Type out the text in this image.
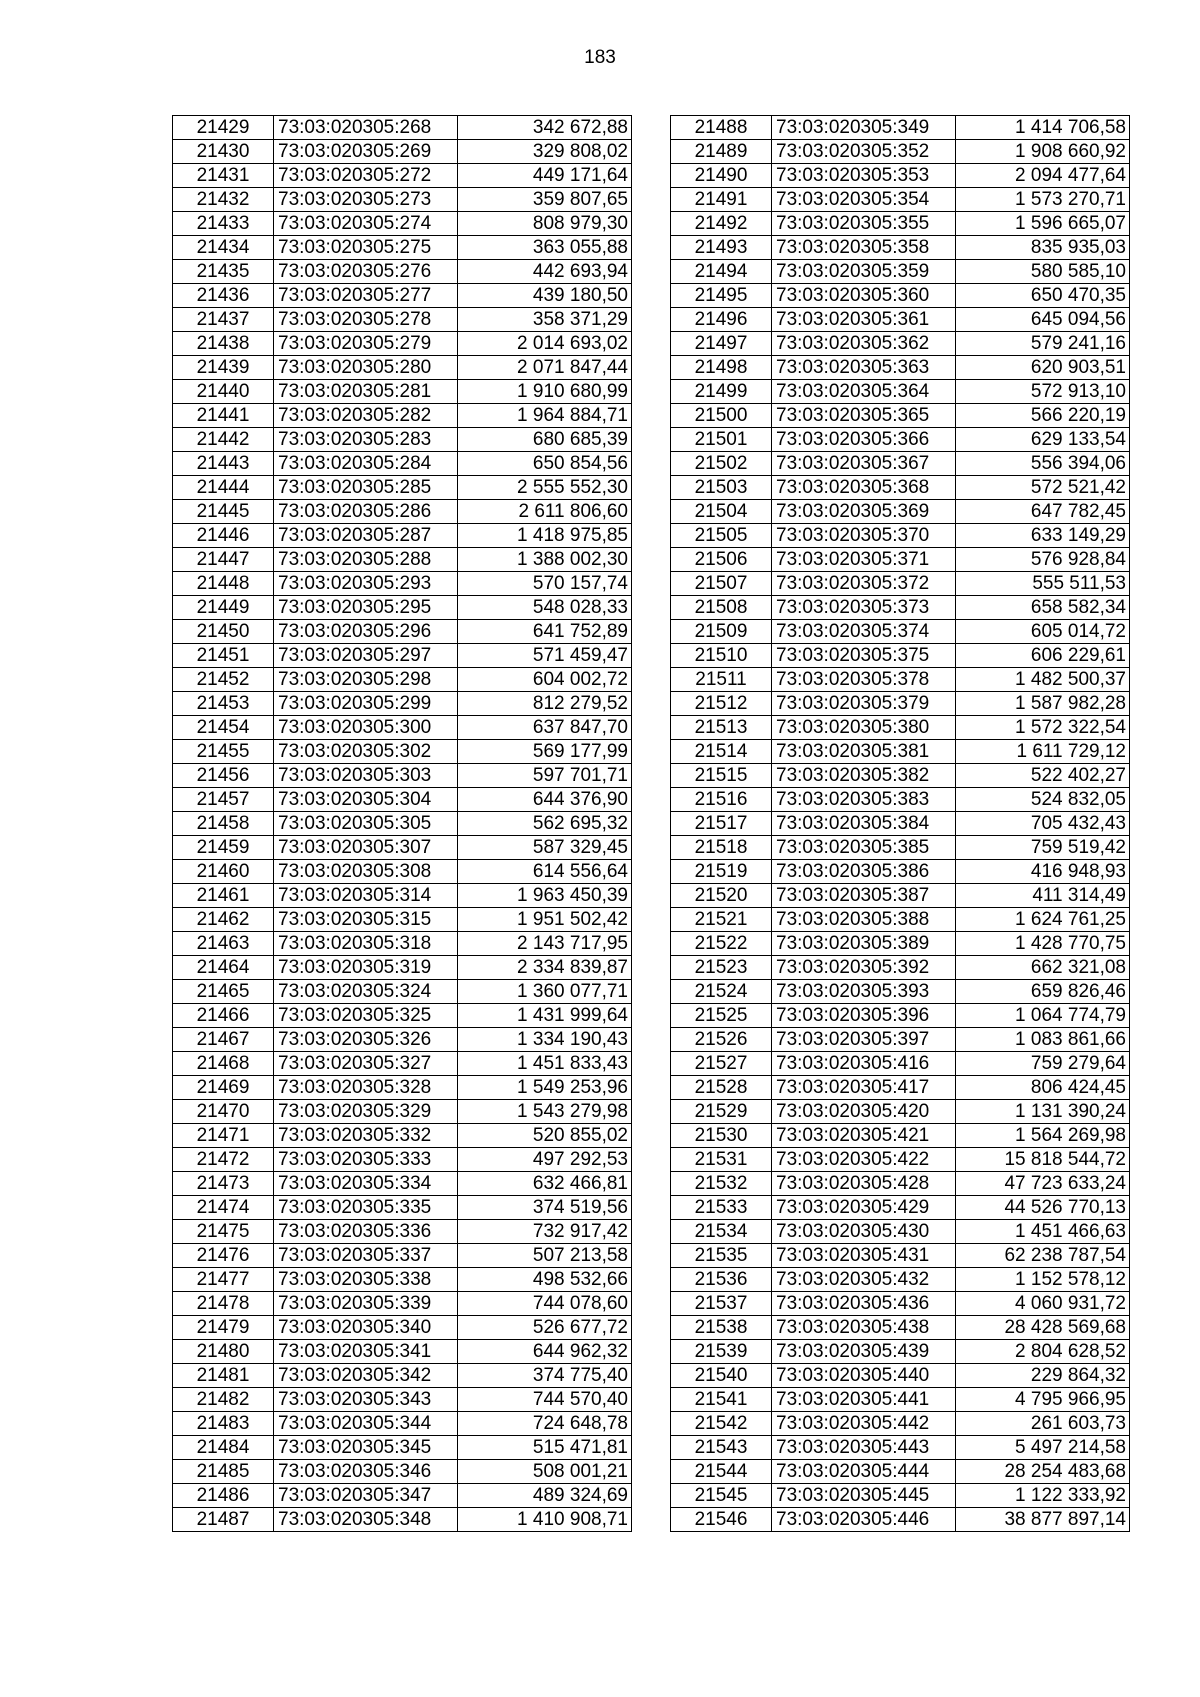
183
21429	73:03:020305:268	342 672,88
21430	73:03:020305:269	329 808,02
21431	73:03:020305:272	449 171,64
21432	73:03:020305:273	359 807,65
21433	73:03:020305:274	808 979,30
21434	73:03:020305:275	363 055,88
21435	73:03:020305:276	442 693,94
21436	73:03:020305:277	439 180,50
21437	73:03:020305:278	358 371,29
21438	73:03:020305:279	2 014 693,02
21439	73:03:020305:280	2 071 847,44
21440	73:03:020305:281	1 910 680,99
21441	73:03:020305:282	1 964 884,71
21442	73:03:020305:283	680 685,39
21443	73:03:020305:284	650 854,56
21444	73:03:020305:285	2 555 552,30
21445	73:03:020305:286	2 611 806,60
21446	73:03:020305:287	1 418 975,85
21447	73:03:020305:288	1 388 002,30
21448	73:03:020305:293	570 157,74
21449	73:03:020305:295	548 028,33
21450	73:03:020305:296	641 752,89
21451	73:03:020305:297	571 459,47
21452	73:03:020305:298	604 002,72
21453	73:03:020305:299	812 279,52
21454	73:03:020305:300	637 847,70
21455	73:03:020305:302	569 177,99
21456	73:03:020305:303	597 701,71
21457	73:03:020305:304	644 376,90
21458	73:03:020305:305	562 695,32
21459	73:03:020305:307	587 329,45
21460	73:03:020305:308	614 556,64
21461	73:03:020305:314	1 963 450,39
21462	73:03:020305:315	1 951 502,42
21463	73:03:020305:318	2 143 717,95
21464	73:03:020305:319	2 334 839,87
21465	73:03:020305:324	1 360 077,71
21466	73:03:020305:325	1 431 999,64
21467	73:03:020305:326	1 334 190,43
21468	73:03:020305:327	1 451 833,43
21469	73:03:020305:328	1 549 253,96
21470	73:03:020305:329	1 543 279,98
21471	73:03:020305:332	520 855,02
21472	73:03:020305:333	497 292,53
21473	73:03:020305:334	632 466,81
21474	73:03:020305:335	374 519,56
21475	73:03:020305:336	732 917,42
21476	73:03:020305:337	507 213,58
21477	73:03:020305:338	498 532,66
21478	73:03:020305:339	744 078,60
21479	73:03:020305:340	526 677,72
21480	73:03:020305:341	644 962,32
21481	73:03:020305:342	374 775,40
21482	73:03:020305:343	744 570,40
21483	73:03:020305:344	724 648,78
21484	73:03:020305:345	515 471,81
21485	73:03:020305:346	508 001,21
21486	73:03:020305:347	489 324,69
21487	73:03:020305:348	1 410 908,71
21488	73:03:020305:349	1 414 706,58
21489	73:03:020305:352	1 908 660,92
21490	73:03:020305:353	2 094 477,64
21491	73:03:020305:354	1 573 270,71
21492	73:03:020305:355	1 596 665,07
21493	73:03:020305:358	835 935,03
21494	73:03:020305:359	580 585,10
21495	73:03:020305:360	650 470,35
21496	73:03:020305:361	645 094,56
21497	73:03:020305:362	579 241,16
21498	73:03:020305:363	620 903,51
21499	73:03:020305:364	572 913,10
21500	73:03:020305:365	566 220,19
21501	73:03:020305:366	629 133,54
21502	73:03:020305:367	556 394,06
21503	73:03:020305:368	572 521,42
21504	73:03:020305:369	647 782,45
21505	73:03:020305:370	633 149,29
21506	73:03:020305:371	576 928,84
21507	73:03:020305:372	555 511,53
21508	73:03:020305:373	658 582,34
21509	73:03:020305:374	605 014,72
21510	73:03:020305:375	606 229,61
21511	73:03:020305:378	1 482 500,37
21512	73:03:020305:379	1 587 982,28
21513	73:03:020305:380	1 572 322,54
21514	73:03:020305:381	1 611 729,12
21515	73:03:020305:382	522 402,27
21516	73:03:020305:383	524 832,05
21517	73:03:020305:384	705 432,43
21518	73:03:020305:385	759 519,42
21519	73:03:020305:386	416 948,93
21520	73:03:020305:387	411 314,49
21521	73:03:020305:388	1 624 761,25
21522	73:03:020305:389	1 428 770,75
21523	73:03:020305:392	662 321,08
21524	73:03:020305:393	659 826,46
21525	73:03:020305:396	1 064 774,79
21526	73:03:020305:397	1 083 861,66
21527	73:03:020305:416	759 279,64
21528	73:03:020305:417	806 424,45
21529	73:03:020305:420	1 131 390,24
21530	73:03:020305:421	1 564 269,98
21531	73:03:020305:422	15 818 544,72
21532	73:03:020305:428	47 723 633,24
21533	73:03:020305:429	44 526 770,13
21534	73:03:020305:430	1 451 466,63
21535	73:03:020305:431	62 238 787,54
21536	73:03:020305:432	1 152 578,12
21537	73:03:020305:436	4 060 931,72
21538	73:03:020305:438	28 428 569,68
21539	73:03:020305:439	2 804 628,52
21540	73:03:020305:440	229 864,32
21541	73:03:020305:441	4 795 966,95
21542	73:03:020305:442	261 603,73
21543	73:03:020305:443	5 497 214,58
21544	73:03:020305:444	28 254 483,68
21545	73:03:020305:445	1 122 333,92
21546	73:03:020305:446	38 877 897,14
